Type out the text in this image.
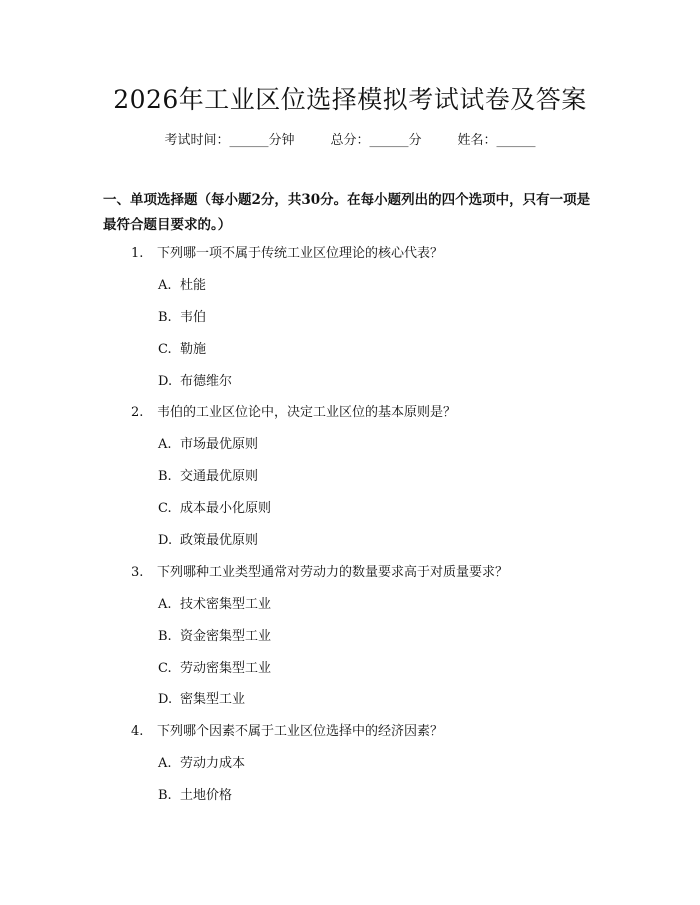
2026年工业区位选择模拟考试试卷及答案
考试时间：______分钟	总分：______分	姓名：______
一、单项选择题（每小题2分，共30分。在每小题列出的四个选项中，只有一项是最符合题目要求的。）
1. 下列哪一项不属于传统工业区位理论的核心代表？
A. 杜能
B. 韦伯
C. 勒施
D. 布德维尔
2. 韦伯的工业区位论中，决定工业区位的基本原则是？
A. 市场最优原则
B. 交通最优原则
C. 成本最小化原则
D. 政策最优原则
3. 下列哪种工业类型通常对劳动力的数量要求高于对质量要求？
A. 技术密集型工业
B. 资金密集型工业
C. 劳动密集型工业
D. 密集型工业
4. 下列哪个因素不属于工业区位选择中的经济因素？
A. 劳动力成本
B. 土地价格
